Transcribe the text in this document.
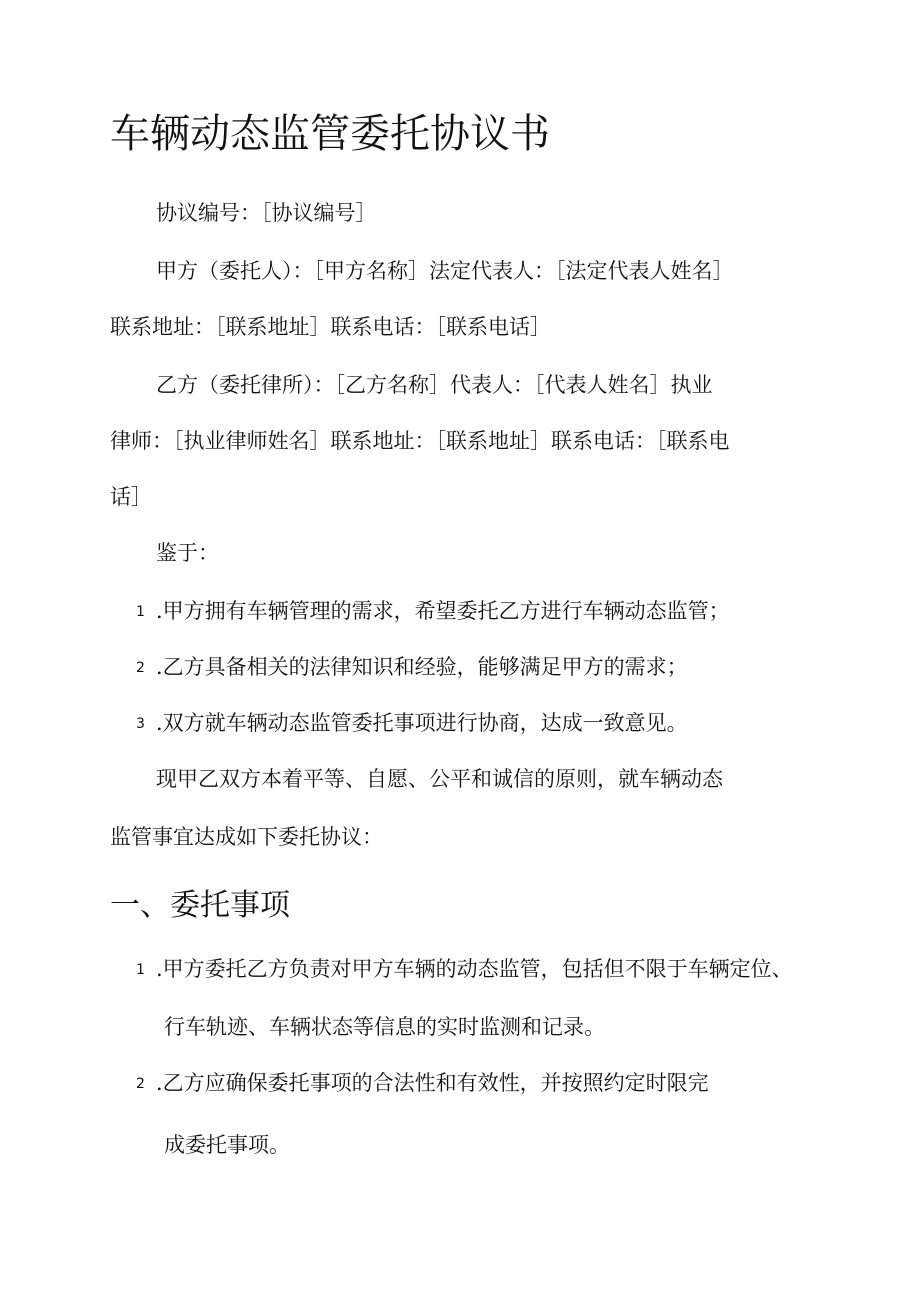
车辆动态监管委托协议书
协议编号：［协议编号］
甲方（委托人）：［甲方名称］法定代表人：［法定代表人姓名］
联系地址：［联系地址］联系电话：［联系电话］
乙方（委托律所）：［乙方名称］代表人：［代表人姓名］执业
律师：［执业律师姓名］联系地址：［联系地址］联系电话：［联系电
话］
鉴于：
1 .甲方拥有车辆管理的需求，希望委托乙方进行车辆动态监管；
2 .乙方具备相关的法律知识和经验，能够满足甲方的需求；
3 .双方就车辆动态监管委托事项进行协商，达成一致意见。
现甲乙双方本着平等、自愿、公平和诚信的原则，就车辆动态
监管事宜达成如下委托协议：
一、委托事项
1 .甲方委托乙方负责对甲方车辆的动态监管，包括但不限于车辆定位、
行车轨迹、车辆状态等信息的实时监测和记录。
2 .乙方应确保委托事项的合法性和有效性，并按照约定时限完
成委托事项。
